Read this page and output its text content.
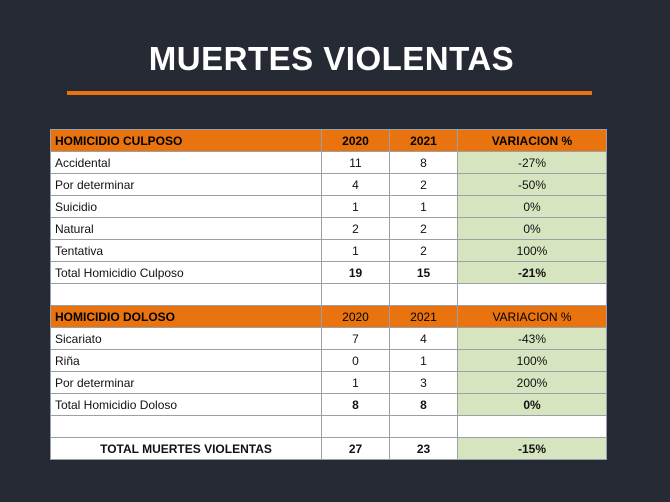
MUERTES VIOLENTAS
HOMICIDIO CULPOSO	2020	2021	VARIACION %
Accidental	11	8	-27%
Por determinar	4	2	-50%
Suicidio	1	1	0%
Natural	2	2	0%
Tentativa	1	2	100%
Total Homicidio Culposo	19	15	-21%

HOMICIDIO DOLOSO	2020	2021	VARIACION %
Sicariato	7	4	-43%
Riña	0	1	100%
Por determinar	1	3	200%
Total Homicidio Doloso	8	8	0%

TOTAL MUERTES VIOLENTAS	27	23	-15%
